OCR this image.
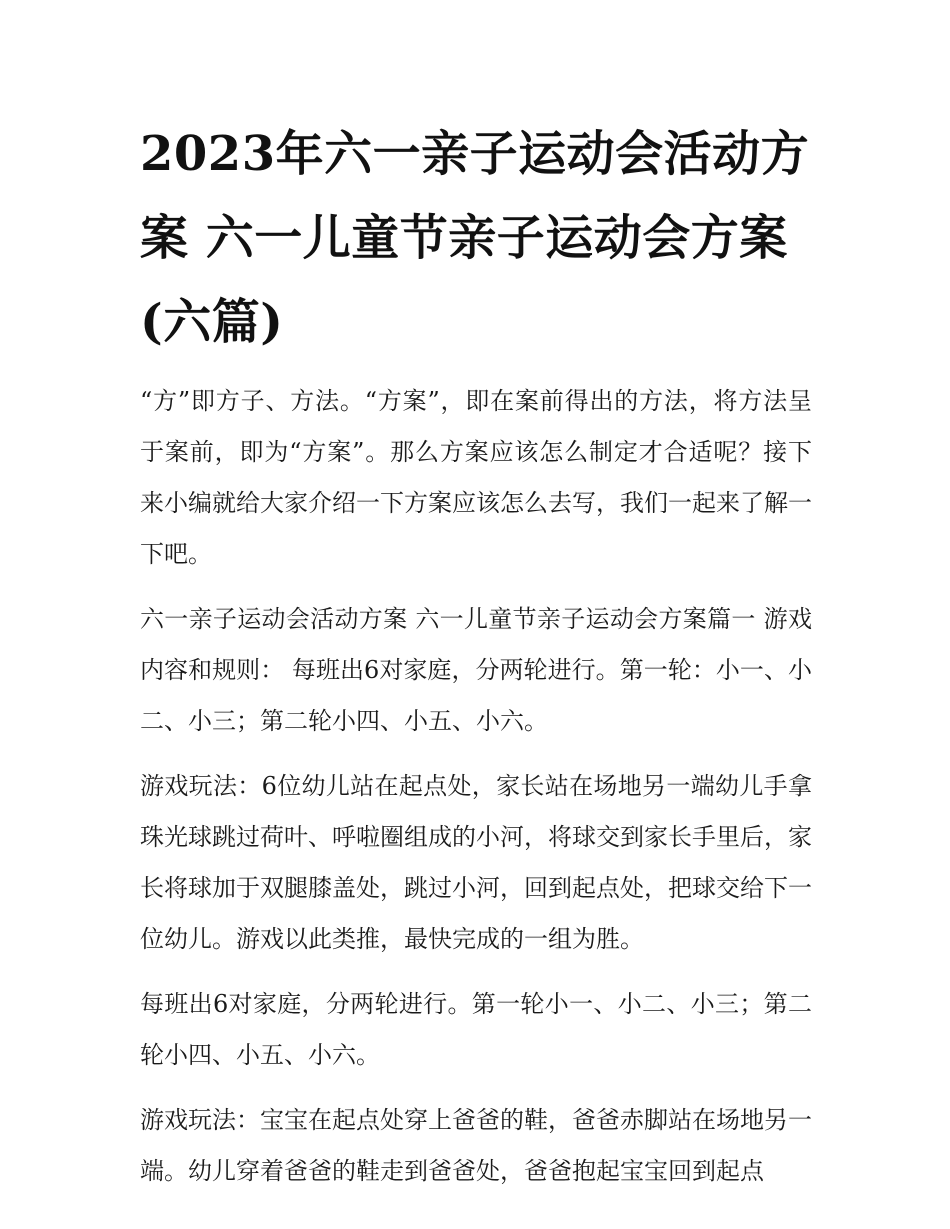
2023年六一亲子运动会活动方案 六一儿童节亲子运动会方案(六篇)

“方”即方子、方法。“方案”，即在案前得出的方法，将方法呈于案前，即为“方案”。那么方案应该怎么制定才合适呢？接下来小编就给大家介绍一下方案应该怎么去写，我们一起来了解一下吧。

六一亲子运动会活动方案 六一儿童节亲子运动会方案篇一 游戏内容和规则： 每班出6对家庭，分两轮进行。第一轮：小一、小二、小三；第二轮小四、小五、小六。

游戏玩法：6位幼儿站在起点处，家长站在场地另一端幼儿手拿珠光球跳过荷叶、呼啦圈组成的小河，将球交到家长手里后，家长将球加于双腿膝盖处，跳过小河，回到起点处，把球交给下一位幼儿。游戏以此类推，最快完成的一组为胜。

每班出6对家庭，分两轮进行。第一轮小一、小二、小三；第二轮小四、小五、小六。

游戏玩法：宝宝在起点处穿上爸爸的鞋，爸爸赤脚站在场地另一端。幼儿穿着爸爸的鞋走到爸爸处，爸爸抱起宝宝回到起点
